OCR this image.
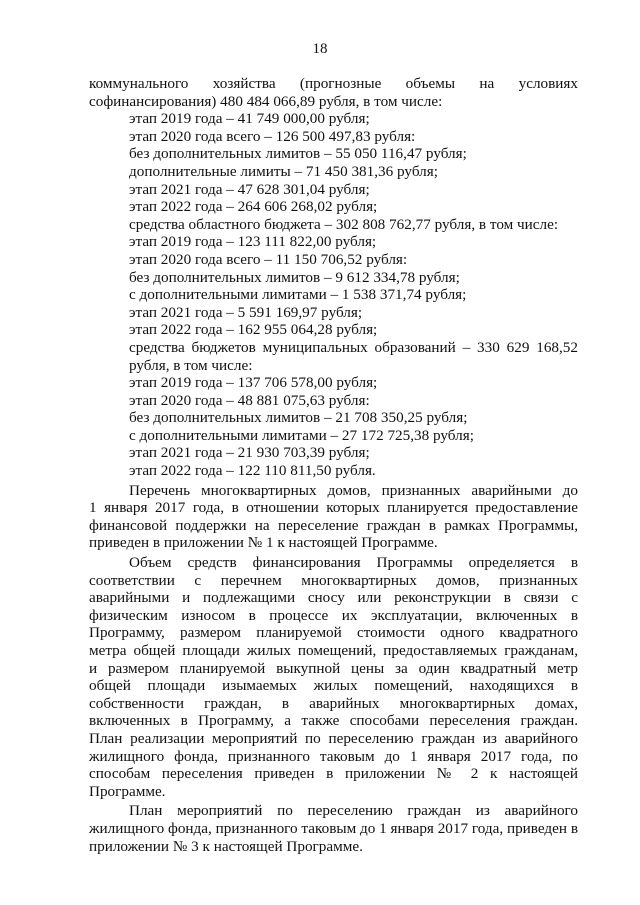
18
коммунального хозяйства (прогнозные объемы на условиях
софинансирования) 480 484 066,89 рубля, в том числе:
этап 2019 года – 41 749 000,00 рубля;
этап 2020 года всего – 126 500 497,83 рубля:
без дополнительных лимитов – 55 050 116,47 рубля;
дополнительные лимиты – 71 450 381,36 рубля;
этап 2021 года – 47 628 301,04 рубля;
этап 2022 года – 264 606 268,02 рубля;
средства областного бюджета – 302 808 762,77 рубля, в том числе:
этап 2019 года – 123 111 822,00 рубля;
этап 2020 года всего – 11 150 706,52 рубля:
без дополнительных лимитов – 9 612 334,78 рубля;
с дополнительными лимитами – 1 538 371,74 рубля;
этап 2021 года – 5 591 169,97 рубля;
этап 2022 года – 162 955 064,28 рубля;
средства бюджетов муниципальных образований – 330 629 168,52
рубля, в том числе:
этап 2019 года – 137 706 578,00 рубля;
этап 2020 года – 48 881 075,63 рубля:
без дополнительных лимитов – 21 708 350,25 рубля;
с дополнительными лимитами – 27 172 725,38 рубля;
этап 2021 года – 21 930 703,39 рубля;
этап 2022 года – 122 110 811,50 рубля.
Перечень многоквартирных домов, признанных аварийными до
1 января 2017 года, в отношении которых планируется предоставление
финансовой поддержки на переселение граждан в рамках Программы,
приведен в приложении № 1 к настоящей Программе.
Объем средств финансирования Программы определяется в
соответствии с перечнем многоквартирных домов, признанных
аварийными и подлежащими сносу или реконструкции в связи с
физическим износом в процессе их эксплуатации, включенных в
Программу, размером планируемой стоимости одного квадратного
метра общей площади жилых помещений, предоставляемых гражданам,
и размером планируемой выкупной цены за один квадратный метр
общей площади изымаемых жилых помещений, находящихся в
собственности граждан, в аварийных многоквартирных домах,
включенных в Программу, а также способами переселения граждан.
План реализации мероприятий по переселению граждан из аварийного
жилищного фонда, признанного таковым до 1 января 2017 года, по
способам переселения приведен в приложении № 2 к настоящей
Программе.
План мероприятий по переселению граждан из аварийного
жилищного фонда, признанного таковым до 1 января 2017 года, приведен в
приложении № 3 к настоящей Программе.
